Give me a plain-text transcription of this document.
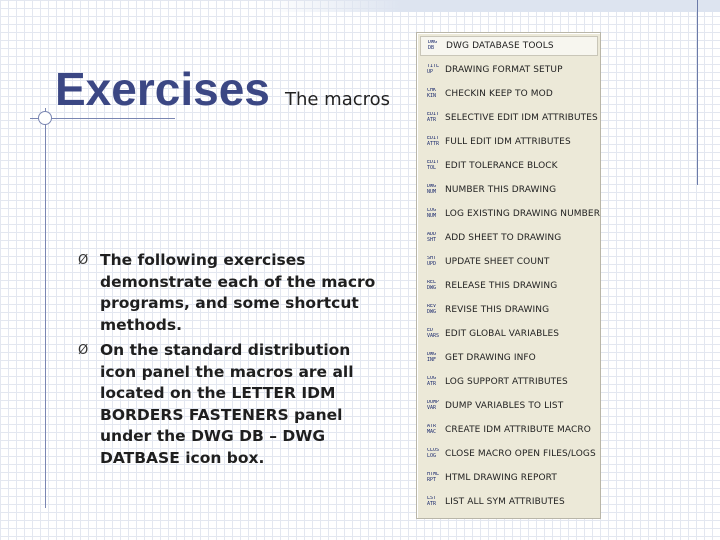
Exercises The macros
Ø The following exercises demonstrate each of the macro programs, and some shortcut methods.
Ø On the standard distribution icon panel the macros are all located on the LETTER IDM BORDERS FASTENERS panel under the DWG DB – DWG DATBASE icon box.
DWG DB	DWG DATABASE TOOLS
TITL UP	DRAWING FORMAT SETUP
CHK KIN CHECKIN KEEP TO MOD
EDIT ATR SELECTIVE EDIT IDM ATTRIBUTES
EDIT ATTR FULL EDIT IDM ATTRIBUTES
EDIT TOL EDIT TOLERANCE BLOCK
DWG NUM NUMBER THIS DRAWING
LOG NUM LOG EXISTING DRAWING NUMBER
ADD SHT ADD SHEET TO DRAWING
SHT UPD UPDATE SHEET COUNT
REL DWG RELEASE THIS DRAWING
REV DWG REVISE THIS DRAWING
ED VARS EDIT GLOBAL VARIABLES
DWG INF GET DRAWING INFO
LOG ATR LOG SUPPORT ATTRIBUTES
DUMP VAR DUMP VARIABLES TO LIST
ATR MAC CREATE IDM ATTRIBUTE MACRO
CLOS LOG CLOSE MACRO OPEN FILES/LOGS
HTML RPT HTML DRAWING REPORT
LST ATR LIST ALL SYM ATTRIBUTES
